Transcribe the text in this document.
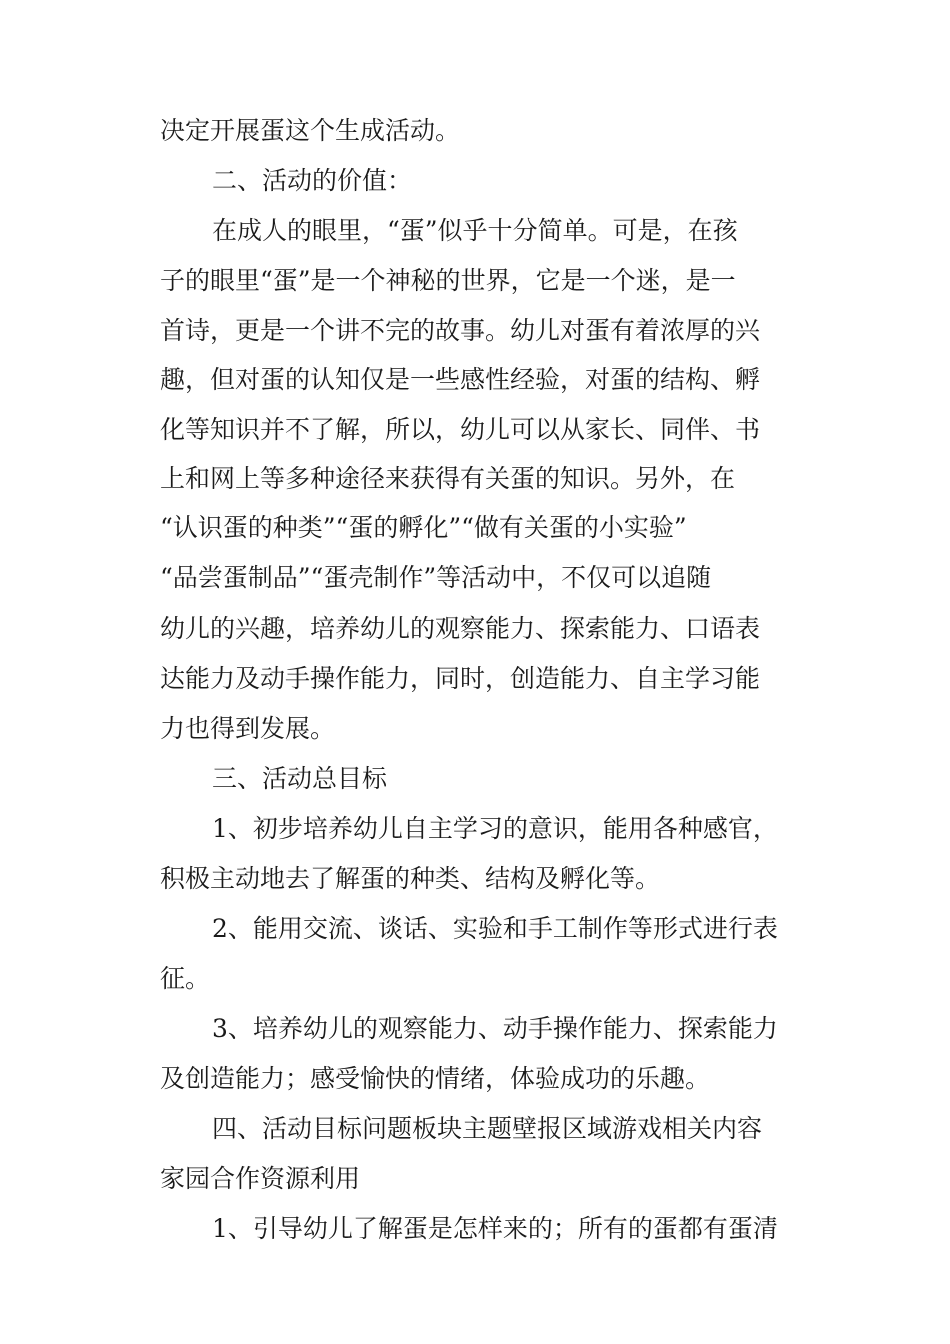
决定开展蛋这个生成活动。
二、活动的价值：
在成人的眼里，“蛋”似乎十分简单。可是，在孩
子的眼里“蛋”是一个神秘的世界，它是一个迷，是一
首诗，更是一个讲不完的故事。幼儿对蛋有着浓厚的兴
趣，但对蛋的认知仅是一些感性经验，对蛋的结构、孵
化等知识并不了解，所以，幼儿可以从家长、同伴、书
上和网上等多种途径来获得有关蛋的知识。另外，在
“认识蛋的种类”“蛋的孵化”“做有关蛋的小实验”
“品尝蛋制品”“蛋壳制作”等活动中，不仅可以追随
幼儿的兴趣，培养幼儿的观察能力、探索能力、口语表
达能力及动手操作能力，同时，创造能力、自主学习能
力也得到发展。
三、活动总目标
1、初步培养幼儿自主学习的意识，能用各种感官，
积极主动地去了解蛋的种类、结构及孵化等。
2、能用交流、谈话、实验和手工制作等形式进行表
征。
3、培养幼儿的观察能力、动手操作能力、探索能力
及创造能力；感受愉快的情绪，体验成功的乐趣。
四、活动目标问题板块主题壁报区域游戏相关内容
家园合作资源利用
1、引导幼儿了解蛋是怎样来的；所有的蛋都有蛋清
